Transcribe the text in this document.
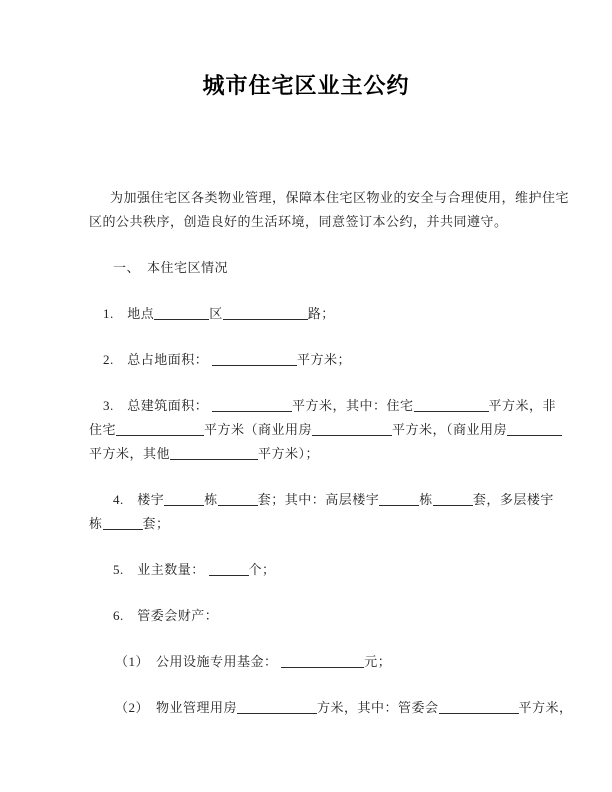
城市住宅区业主公约
为加强住宅区各类物业管理，保障本住宅区物业的安全与合理使用，维护住宅
区的公共秩序，创造良好的生活环境，同意签订本公约，并共同遵守。
一、　本住宅区情况
1.　地点	区	路；
2.　总占地面积：	平方米；
3.　总建筑面积：	平方米，其中：住宅	平方米，非
住宅	平方米（商业用房	平方米，（商业用房
平方米，其他	平方米）；
4.　楼宇	栋	套；其中：高层楼宇	栋	套，多层楼宇
栋	套；
5.　业主数量：	个；
6.　管委会财产：
（1）　公用设施专用基金：	元；
（2）　物业管理用房	方米，其中：管委会	平方米，
